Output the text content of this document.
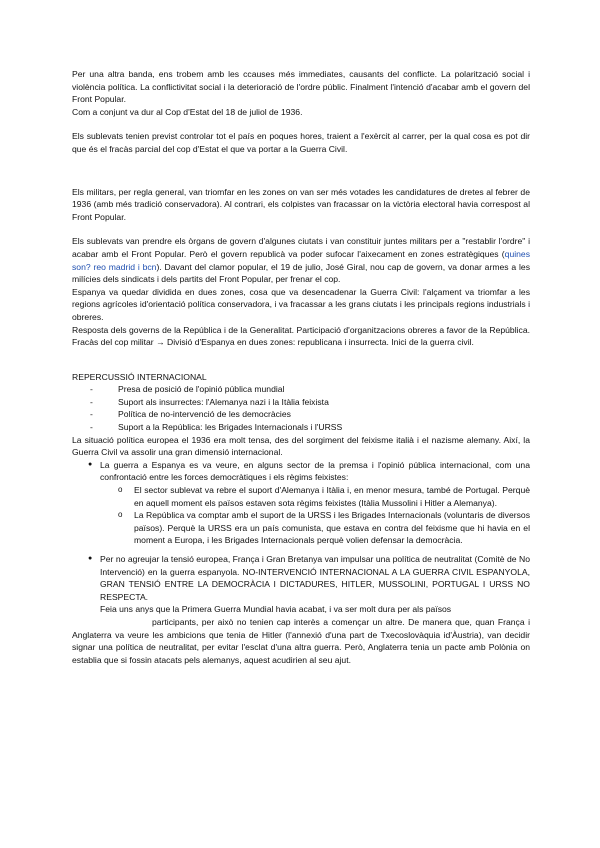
Per una altra banda, ens trobem amb les ccauses més immediates, causants del conflicte. La polarització social i violència política. La conflictivitat social i la deterioració de l'ordre públic. Finalment l'intenció d'acabar amb el govern del Front Popular.
Com a conjunt va dur al Cop d'Estat del 18 de juliol de 1936.

Els sublevats tenien previst controlar tot el país en poques hores, traient a l'exèrcit al carrer, per la qual cosa es pot dir que és el fracàs parcial del cop d'Estat el que va portar a la Guerra Civil.

Els militars, per regla general, van triomfar en les zones on van ser més votades les candidatures de dretes al febrer de 1936 (amb més tradició conservadora). Al contrari, els colpistes van fracassar on la victòria electoral havia correspost al Front Popular.

Els sublevats van prendre els òrgans de govern d'algunes ciutats i van constituir juntes militars per a "restablir l'ordre" i acabar amb el Front Popular. Però el govern republicà va poder sufocar l'aixecament en zones estratègiques (quines son? reo madrid i bcn). Davant del clamor popular, el 19 de julio, José Giral, nou cap de govern, va donar armes a les milícies dels sindicats i dels partits del Front Popular, per frenar el cop.

Espanya va quedar dividida en dues zones, cosa que va desencadenar la Guerra Civil: l'alçament va triomfar a les regions agrícoles id'orientació política conservadora, i va fracassar a les grans ciutats i les principals regions industrials i obreres.

Resposta dels governs de la República i de la Generalitat. Participació d'organitzacions obreres a favor de la República. Fracàs del cop militar → Divisió d'Espanya en dues zones: republicana i insurrecta. Inici de la guerra civil.

REPERCUSSIÓ INTERNACIONAL

- Presa de posició de l'opinió pública mundial
- Suport als insurrectes: l'Alemanya nazi i la Itàlia feixista
- Política de no-intervenció de les democràcies
- Suport a la República: les Brigades Internacionals i l'URSS

La situació política europea el 1936 era molt tensa, des del sorgiment del feixisme italià i el nazisme alemany. Així, la Guerra Civil va assolir una gran dimensió internacional.

● La guerra a Espanya es va veure, en alguns sector de la premsa i l'opinió pública internacional, com una confrontació entre les forces democràtiques i els règims feixistes:
o El sector sublevat va rebre el suport d'Alemanya i Itàlia i, en menor mesura, també de Portugal. Perquè en aquell moment els països estaven sota règims feixistes (Itàlia Mussolini i Hitler a Alemanya).
o La República va comptar amb el suport de la URSS i les Brigades Internacionals (voluntaris de diversos països). Perquè la URSS era un país comunista, que estava en contra del feixisme que hi havia en el moment a Europa, i les Brigades Internacionals perquè volien defensar la democràcia.
● Per no agreujar la tensió europea, França i Gran Bretanya van impulsar una política de neutralitat (Comitè de No Intervenció) en la guerra espanyola. NO-INTERVENCIÓ INTERNACIONAL A LA GUERRA CIVIL ESPANYOLA, GRAN TENSIÓ ENTRE LA DEMOCRÀCIA I DICTADURES, HITLER, MUSSOLINI, PORTUGAL I URSS NO RESPECTA.
Feia uns anys que la Primera Guerra Mundial havia acabat, i va ser molt dura per als països

participants, per això no tenien cap interès a començar un altre. De manera que, quan França i Anglaterra va veure les ambicions que tenia de Hitler (l'annexió d'una part de Txecoslovàquia id'Àustria), van decidir signar una política de neutralitat, per evitar l'esclat d'una altra guerra. Però, Anglaterra tenia un pacte amb Polònia on establia que si fossin atacats pels alemanys, aquest acudirien al seu ajut.
